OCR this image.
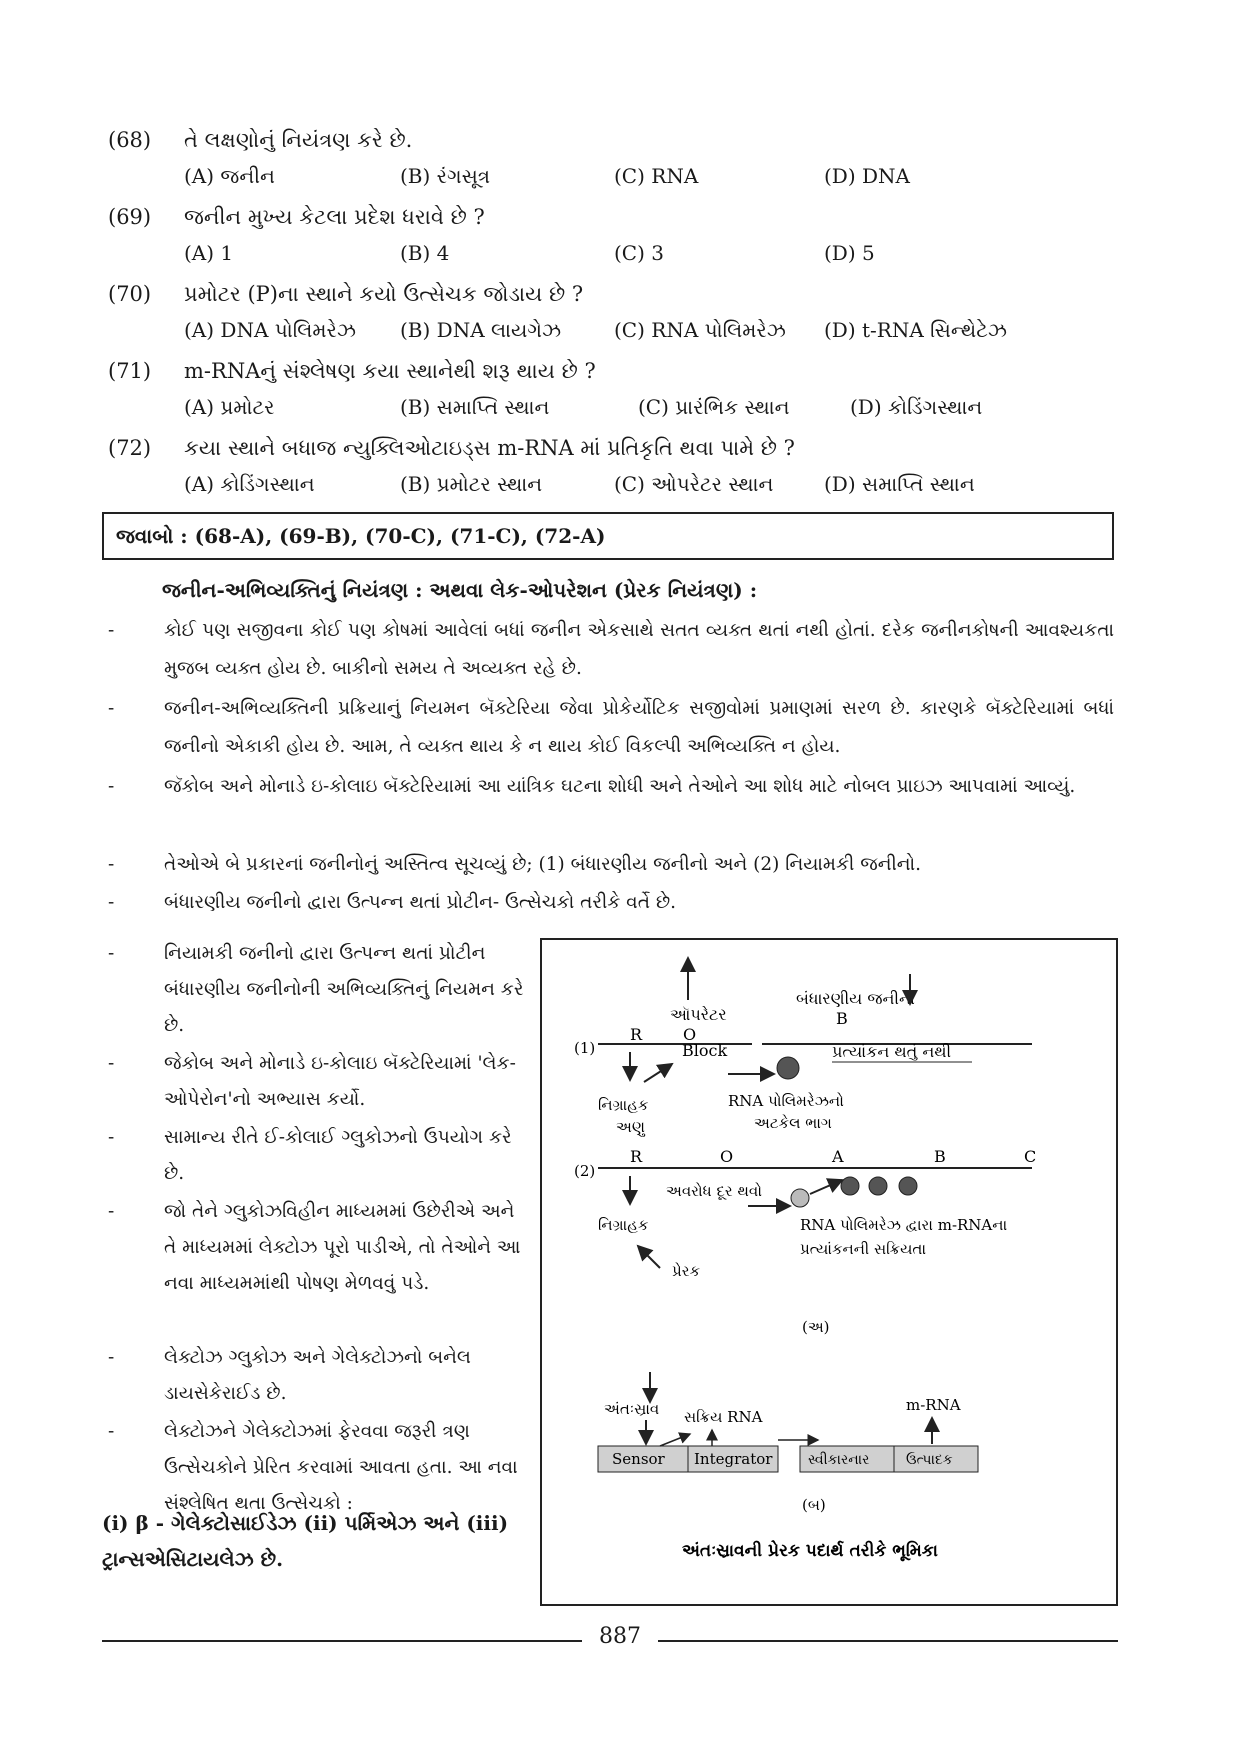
(68) તે લક્ષણોનું નિયંત્રણ કરે છે.
(A) જનીન	(B) રંગસૂત્ર	(C) RNA	(D) DNA
(69) જનીન મુખ્ય કેટલા પ્રદેશ ધરાવે છે ?
(A) 1	(B) 4	(C) 3	(D) 5
(70) પ્રમોટર (P)ના સ્થાને કયો ઉત્સેચક જોડાય છે ?
(A) DNA પોલિમરેઝ (B) DNA લાયગેઝ	(C) RNA પોલિમરેઝ (D) t-RNA સિન્થેટેઝ
(71) m-RNAનું સંશ્લેષણ કયા સ્થાનેથી શરૂ થાય છે ?
(A) પ્રમોટર	(B) સમાપ્તિ સ્થાન	(C) પ્રારંભિક સ્થાન	(D) કોડિંગસ્થાન
(72) કયા સ્થાને બધાજ ન્યુક્લિઓટાઇડ્સ m-RNA માં પ્રતિકૃતિ થવા પામે છે ?
(A) કોડિંગસ્થાન	(B) પ્રમોટર સ્થાન	(C) ઓપરેટર સ્થાન	(D) સમાપ્તિ સ્થાન
જવાબો : (68-A), (69-B), (70-C), (71-C), (72-A)
જનીન-અભિવ્યક્તિનું નિયંત્રણ : અથવા લેક-ઓપરેશન (પ્રેરક નિયંત્રણ) :
-	કોઈ પણ સજીવના કોઈ પણ કોષમાં આવેલાં બધાં જનીન એકસાથે સતત વ્યક્ત થતાં નથી હોતાં. દરેક જનીનકોષની આવશ્યકતા મુજબ વ્યક્ત હોય છે. બાકીનો સમય તે અવ્યક્ત રહે છે.
-	જનીન-અભિવ્યક્તિની પ્રક્રિયાનું નિયમન બૅક્ટેરિયા જેવા પ્રોકેર્યોટિક સજીવોમાં પ્રમાણમાં સરળ છે. કારણકે બૅક્ટેરિયામાં બધાં જનીનો એકાકી હોય છે. આમ, તે વ્યક્ત થાય કે ન થાય કોઈ વિકલ્પી અભિવ્યક્તિ ન હોય.
-	જૅકોબ અને મોનાડે ઇ-કોલાઇ બૅક્ટેરિયામાં આ યાંત્રિક ઘટના શોધી અને તેઓને આ શોધ માટે નોબલ પ્રાઇઝ આપવામાં આવ્યું.
-	તેઓએ બે પ્રકારનાં જનીનોનું અસ્તિત્વ સૂચવ્યું છે; (1) બંધારણીય જનીનો અને (2) નિયામકી જનીનો.
-	બંધારણીય જનીનો દ્વારા ઉત્પન્ન થતાં પ્રોટીન- ઉત્સેચકો તરીકે વર્તે છે.
-	નિયામકી જનીનો દ્વારા ઉત્પન્ન થતાં પ્રોટીન બંધારણીય જનીનોની અભિવ્યક્તિનું નિયમન કરે છે.
-	જેકોબ અને મોનાડે ઇ-કોલાઇ બૅક્ટેરિયામાં 'લેક-ઓપેરોન'નો અભ્યાસ કર્યો.
-	સામાન્ય રીતે ઈ-કોલાઈ ગ્લુકોઝનો ઉપયોગ કરે છે.
-	જો તેને ગ્લુકોઝવિહીન માધ્યમમાં ઉછેરીએ અને તે માધ્યમમાં લેક્ટોઝ પૂરો પાડીએ, તો તેઓને આ નવા માધ્યમમાંથી પોષણ મેળવવું પડે.
-	લેક્ટોઝ ગ્લુકોઝ અને ગેલેક્ટોઝનો બનેલ ડાયસેકેરાઈડ છે.
-	લેક્ટોઝને ગેલેક્ટોઝમાં ફેરવવા જરૂરી ત્રણ ઉત્સેચકોને પ્રેરિત કરવામાં આવતા હતા. આ નવા સંશ્લેષિત થતા ઉત્સેચકો :
(i) β - ગેલેક્ટોસાઈડેઝ (ii) પર્મિએઝ અને (iii) ટ્રાન્સએસિટાયલેઝ છે.
(1)
ઑપરેટર
બંધારણીય જનીનો
R	O
B
Block	પ્રત્યાંકન થતું નથી
નિગ્રાહક
અણુ
RNA પોલિમરેઝનો
અટકેલ ભાગ
(2)
R	O	A	B	C
અવરોધ દૂર થવો
નિગ્રાહક
પ્રેરક
RNA પોલિમરેઝ દ્વારા m-RNAના
પ્રત્યાંકનની સક્રિયતા
(અ)
અંતઃસ્રાવ સક્રિય RNA
m-RNA
Sensor Integrator	સ્વીકારનાર	ઉત્પાદક
(બ)
અંતઃસ્રાવની પ્રેરક પદાર્થ તરીકે ભૂમિકા
887
